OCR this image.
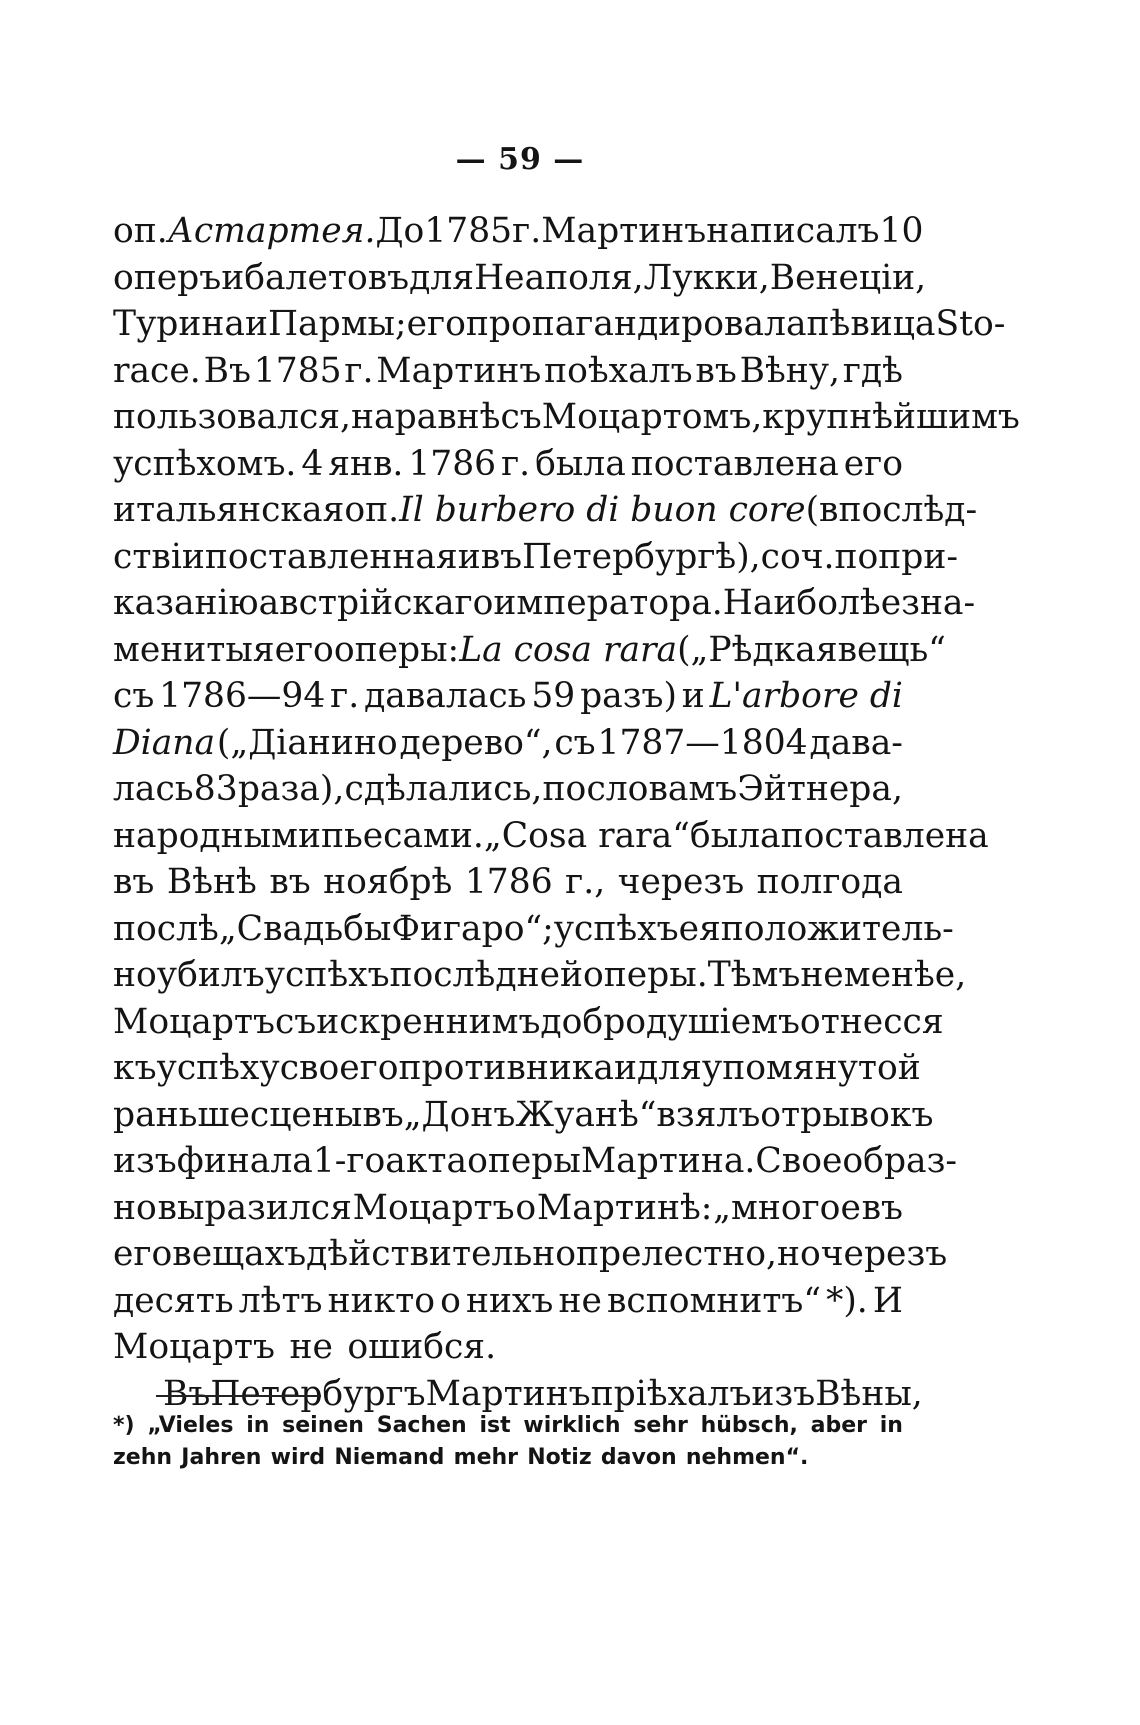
— 59 —
оп. Астартея. До 1785 г. Мартинъ написалъ 10
оперъ и балетовъ для Неаполя, Лукки, Венеціи,
Турина и Пармы; его пропагандировала пѣвица Sto-
race. Въ 1785 г. Мартинъ поѣхалъ въ Вѣну, гдѣ
пользовался, наравнѣ съ Моцартомъ, крупнѣйшимъ
успѣхомъ. 4 янв. 1786 г. была поставлена его
итальянская оп. Il burbero di buon core (впослѣд-
ствіи поставленная и въ Петербургѣ), соч. по при-
казанію австрійскаго императора. Наиболѣе зна-
менитыя его оперы: La cosa rara („Рѣдкая вещь“
съ 1786—94 г. давалась 59 разъ) и L'arbore di
Diana („Діанино дерево“, съ 1787—1804 дава-
лась 83 раза), сдѣлались, по словамъ Эйтнера,
народными пьесами. „Cosa rara“ была поставлена
въ Вѣнѣ въ ноябрѣ 1786 г., черезъ полгода
послѣ „Свадьбы Фигаро“; успѣхъ ея положитель-
но убилъ успѣхъ послѣдней оперы. Тѣмъ не менѣе,
Моцартъ съ искреннимъ добродушіемъ отнесся
къ успѣху своего противника и для упомянутой
раньше сцены въ „Донъ Жуанѣ“ взялъ отрывокъ
изъ финала 1-го акта оперы Мартина. Своеобраз-
но выразился Моцартъ о Мартинѣ: „многое въ
его вещахъ дѣйствительно прелестно, но черезъ
десять лѣтъ никто о нихъ не вспомнитъ“ *). И
Моцартъ не ошибся.
Въ Петербургъ Мартинъ пріѣхалъ изъ Вѣны,
*) „Vieles in seinen Sachen ist wirklich sehr hübsch, aber in
zehn Jahren wird Niemand mehr Notiz davon nehmen“.
